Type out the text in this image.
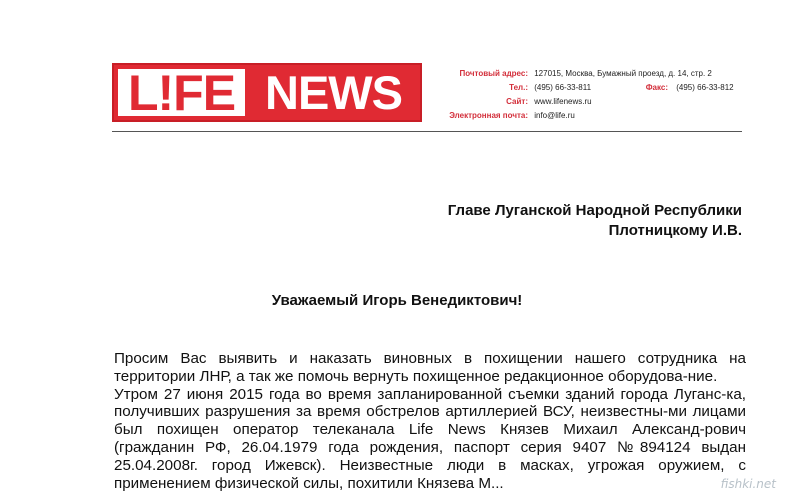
L!FE NEWS	Почтовый адрес: 127015, Москва, Бумажный проезд, д. 14, стр. 2
Тел.: (495) 66-33-811	Факс: (495) 66-33-812
Сайт: www.lifenews.ru
Электронная почта: info@life.ru
Главе Луганской Народной Республики
Плотницкому И.В.
Уважаемый Игорь Венедиктович!

Просим Вас выявить и наказать виновных в похищении нашего сотрудника на территории ЛНР, а так же помочь вернуть похищенное редакционное оборудова-ние.

Утром 27 июня 2015 года во время запланированной съемки зданий города Луганс-ка, получивших разрушения за время обстрелов артиллерией ВСУ, неизвестны-ми лицами был похищен оператор телеканала Life News Князев Михаил Александ-рович (гражданин РФ, 26.04.1979 года рождения, паспорт серия 9407 №894124 выдан 25.04.2008г. город Ижевск). Неизвестные люди в масках, угрожая оружием, с применением физической силы, похитили Князева М...	fishki.net
